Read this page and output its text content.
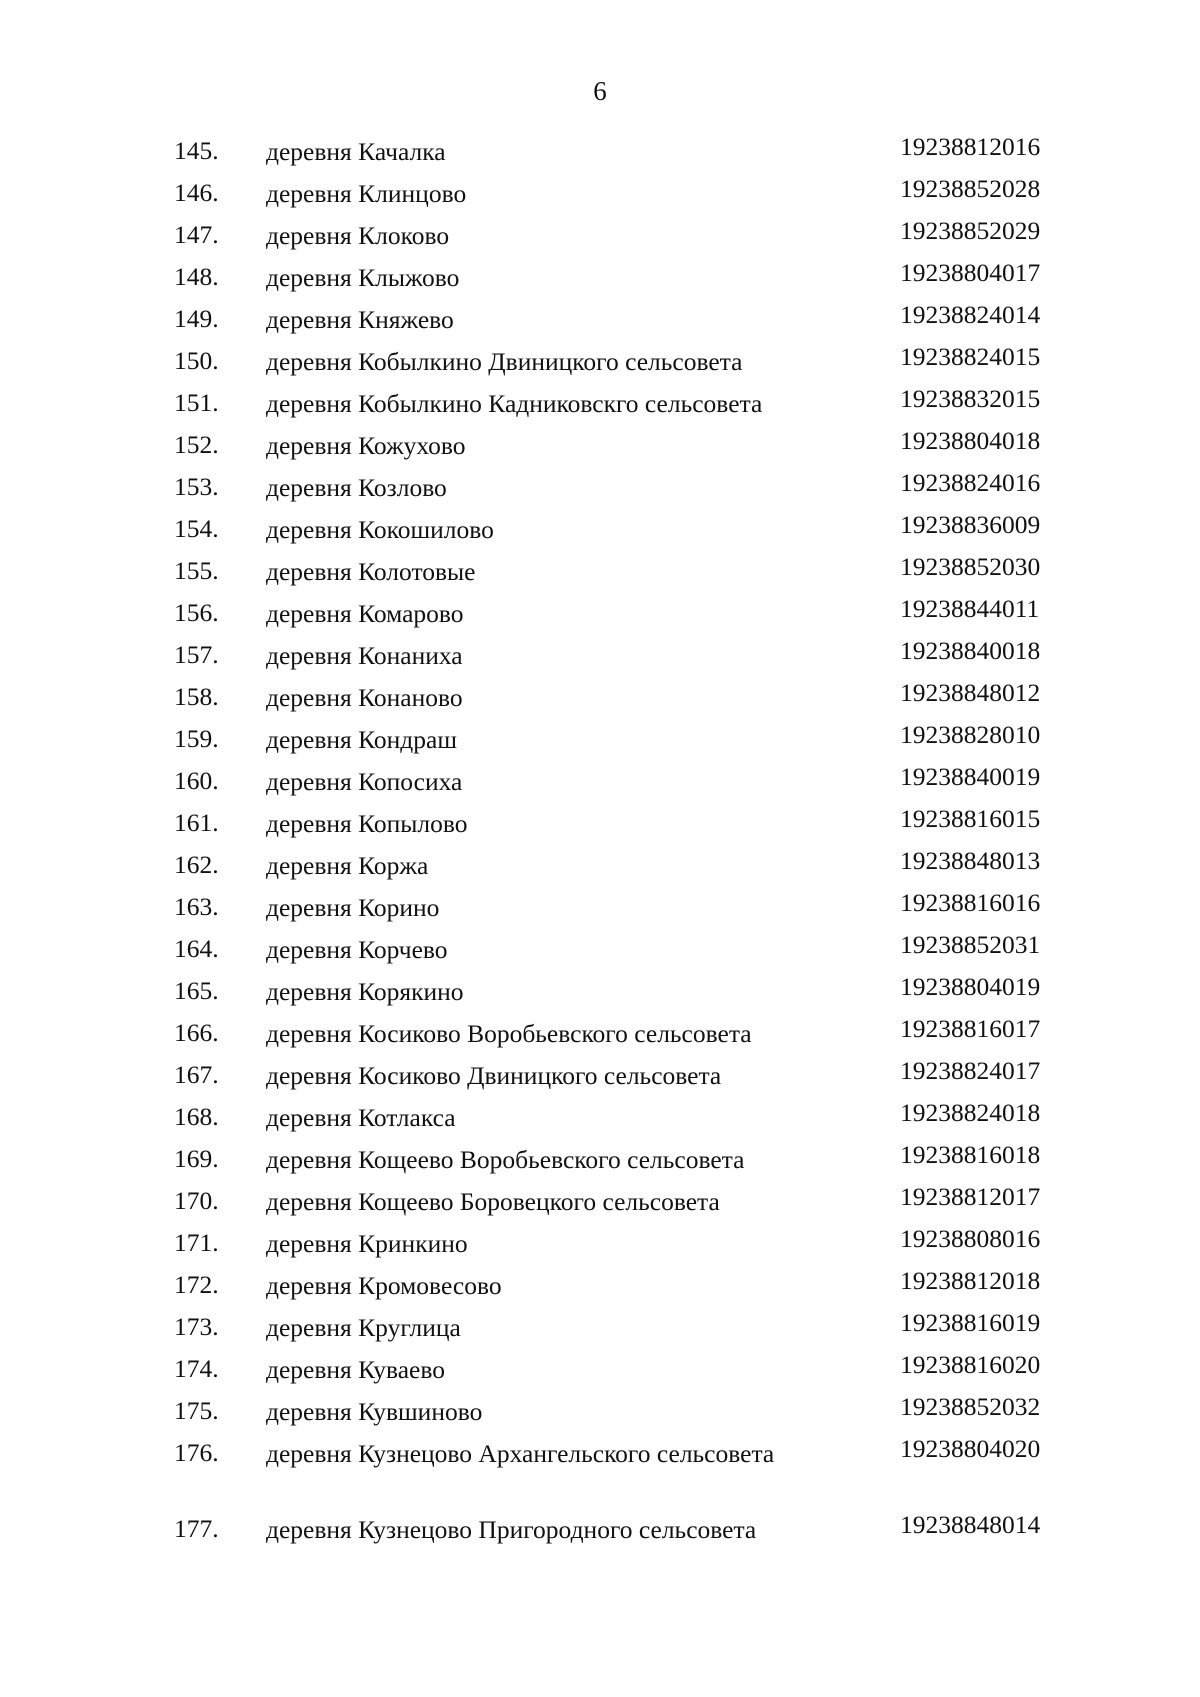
6
145.	деревня Качалка	19238812016
146.	деревня Клинцово	19238852028
147.	деревня Клоково	19238852029
148.	деревня Клыжово	19238804017
149.	деревня Княжево	19238824014
150.	деревня Кобылкино Двиницкого сельсовета	19238824015
151.	деревня Кобылкино Кадниковскго сельсовета	19238832015
152.	деревня Кожухово	19238804018
153.	деревня Козлово	19238824016
154.	деревня Кокошилово	19238836009
155.	деревня Колотовые	19238852030
156.	деревня Комарово	19238844011
157.	деревня Конаниха	19238840018
158.	деревня Конаново	19238848012
159.	деревня Кондраш	19238828010
160.	деревня Копосиха	19238840019
161.	деревня Копылово	19238816015
162.	деревня Коржа	19238848013
163.	деревня Корино	19238816016
164.	деревня Корчево	19238852031
165.	деревня Корякино	19238804019
166.	деревня Косиково Воробьевского сельсовета	19238816017
167.	деревня Косиково Двиницкого сельсовета	19238824017
168.	деревня Котлакса	19238824018
169.	деревня Кощеево Воробьевского сельсовета	19238816018
170.	деревня Кощеево Боровецкого сельсовета	19238812017
171.	деревня Кринкино	19238808016
172.	деревня Кромовесово	19238812018
173.	деревня Круглица	19238816019
174.	деревня Куваево	19238816020
175.	деревня Кувшиново	19238852032
176.	деревня Кузнецово Архангельского сельсовета	19238804020
177.	деревня Кузнецово Пригородного сельсовета	19238848014
